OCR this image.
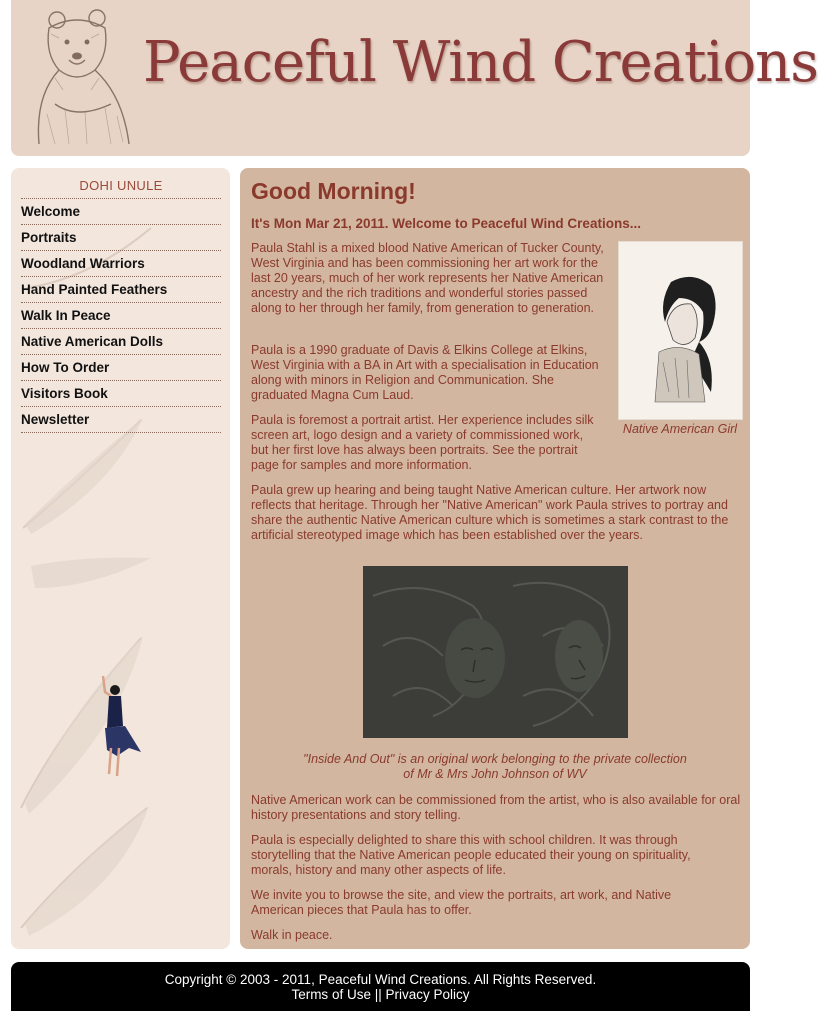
Peaceful Wind Creations
DOHI UNULE
Welcome
Portraits
Woodland Warriors
Hand Painted Feathers
Walk In Peace
Native American Dolls
How To Order
Visitors Book
Newsletter
Good Morning!
It's Mon Mar 21, 2011. Welcome to Peaceful Wind Creations...

Paula Stahl is a mixed blood Native American of Tucker County, West Virginia and has been commissioning her art work for the last 20 years, much of her work represents her Native American ancestry and the rich traditions and wonderful stories passed along to her through her family, from generation to generation.

Paula is a 1990 graduate of Davis & Elkins College at Elkins, West Virginia with a BA in Art with a specialisation in Education along with minors in Religion and Communication. She graduated Magna Cum Laud.

Paula is foremost a portrait artist. Her experience includes silk screen art, logo design and a variety of commissioned work, but her first love has always been portraits. See the portrait page for samples and more information.

Paula grew up hearing and being taught Native American culture. Her artwork now reflects that heritage. Through her "Native American" work Paula strives to portray and share the authentic Native American culture which is sometimes a stark contrast to the artificial stereotyped image which has been established over the years.

Native American Girl
"Inside And Out" is an original work belonging to the private collection of Mr & Mrs John Johnson of WV

Native American work can be commissioned from the artist, who is also available for oral history presentations and story telling.

Paula is especially delighted to share this with school children. It was through storytelling that the Native American people educated their young on spirituality, morals, history and many other aspects of life.

We invite you to browse the site, and view the portraits, art work, and Native American pieces that Paula has to offer.

Walk in peace.

Copyright © 2003 - 2011, Peaceful Wind Creations. All Rights Reserved.
Terms of Use || Privacy Policy
